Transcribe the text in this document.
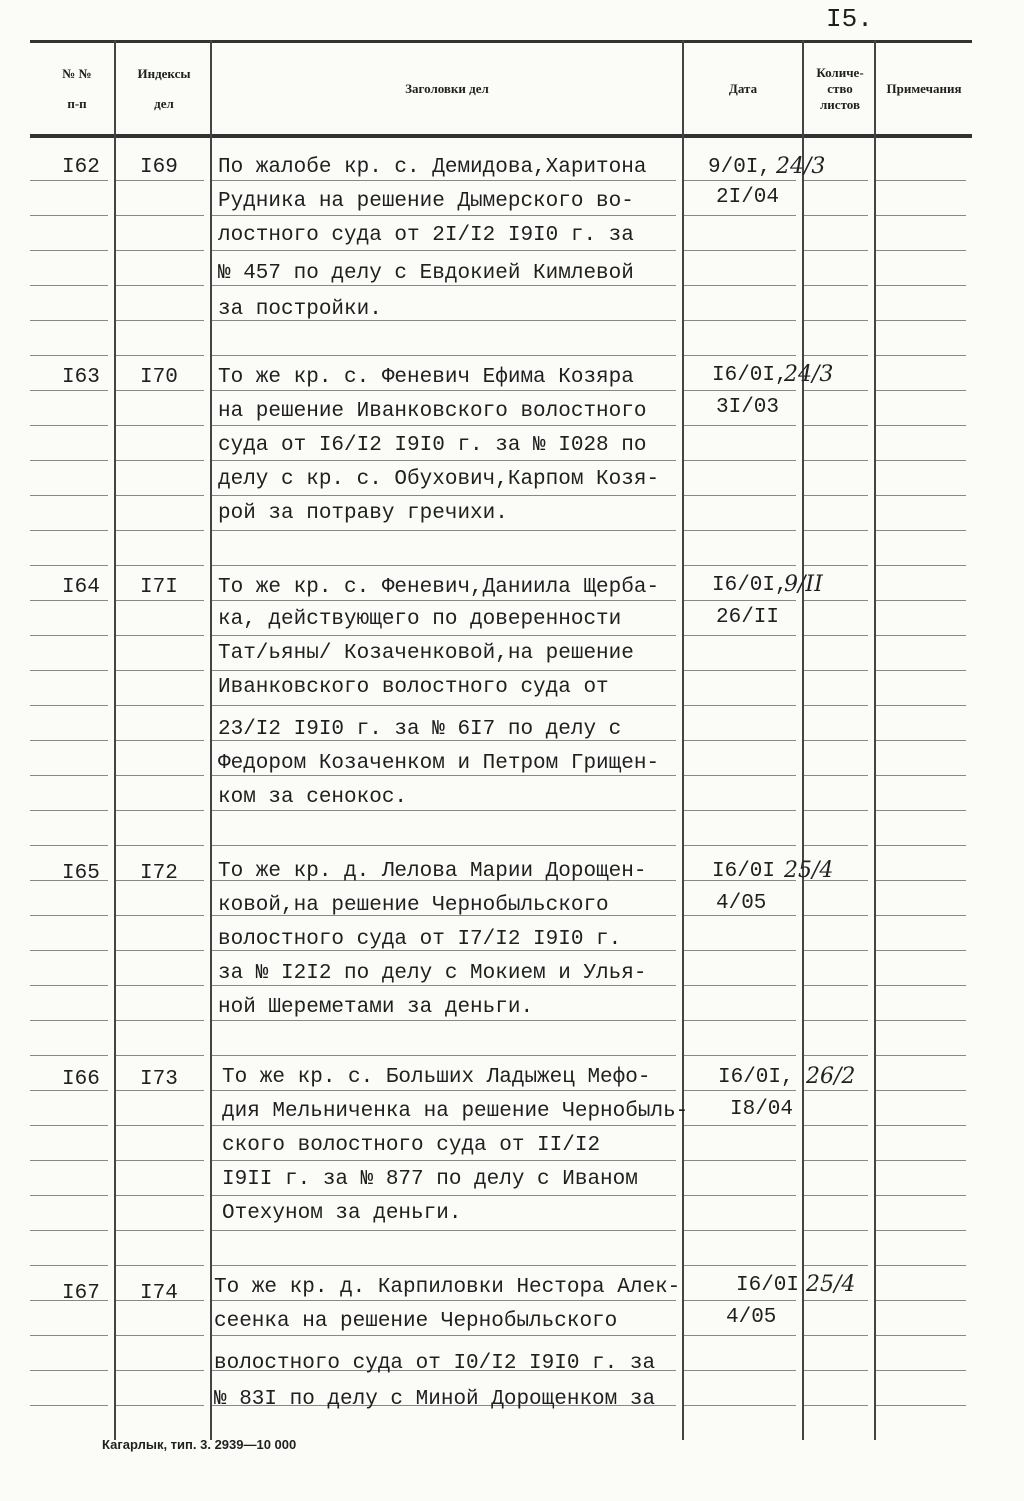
I5.
№ №
п-п
Индексы
дел
Заголовки дел	Дата
Количе-
ство
листов
Примечания
I62 I69 По жалобе кр. с. Демидова,Харитона
Рудника на решение Дымерского во-
лостного суда от 2I/I2 I9I0 г. за
№ 457 по делу с Евдокией Кимлевой
за постройки.
9/0I,
2I/04
24/3
I63 I70 То же кр. с. Феневич Ефима Козяра
на решение Иванковского волостного
суда от I6/I2 I9I0 г. за № I028 по
делу с кр. с. Обухович,Карпом Козя-
рой за потраву гречихи.
I6/0I,
3I/03
24/3
I64 I7I То же кр. с. Феневич,Даниила Щерба-
ка, действующего по доверенности
Тат/ьяны/ Козаченковой,на решение
Иванковского волостного суда от
23/I2 I9I0 г. за № 6I7 по делу с
Федором Козаченком и Петром Грищен-
ком за сенокос.
I6/0I,
26/II
9/II
I65 I72 То же кр. д. Лелова Марии Дорощен-
ковой,на решение Чернобыльского
волостного суда от I7/I2 I9I0 г.
за № I2I2 по делу с Мокием и Улья-
ной Шереметами за деньги.
I6/0I
4/05
25/4
I66 I73 То же кр. с. Больших Ладыжец Мефо-
дия Мельниченка на решение Чернобыль-
ского волостного суда от II/I2
I9II г. за № 877 по делу с Иваном
Отехуном за деньги.
I6/0I,
I8/04
26/2
I67 I74 То же кр. д. Карпиловки Нестора Алек-
сеенка на решение Чернобыльского
волостного суда от I0/I2 I9I0 г. за
№ 83I по делу с Миной Дорощенком за
I6/0I
4/05
25/4
Кагарлык, тип. 3. 2939—10 000
